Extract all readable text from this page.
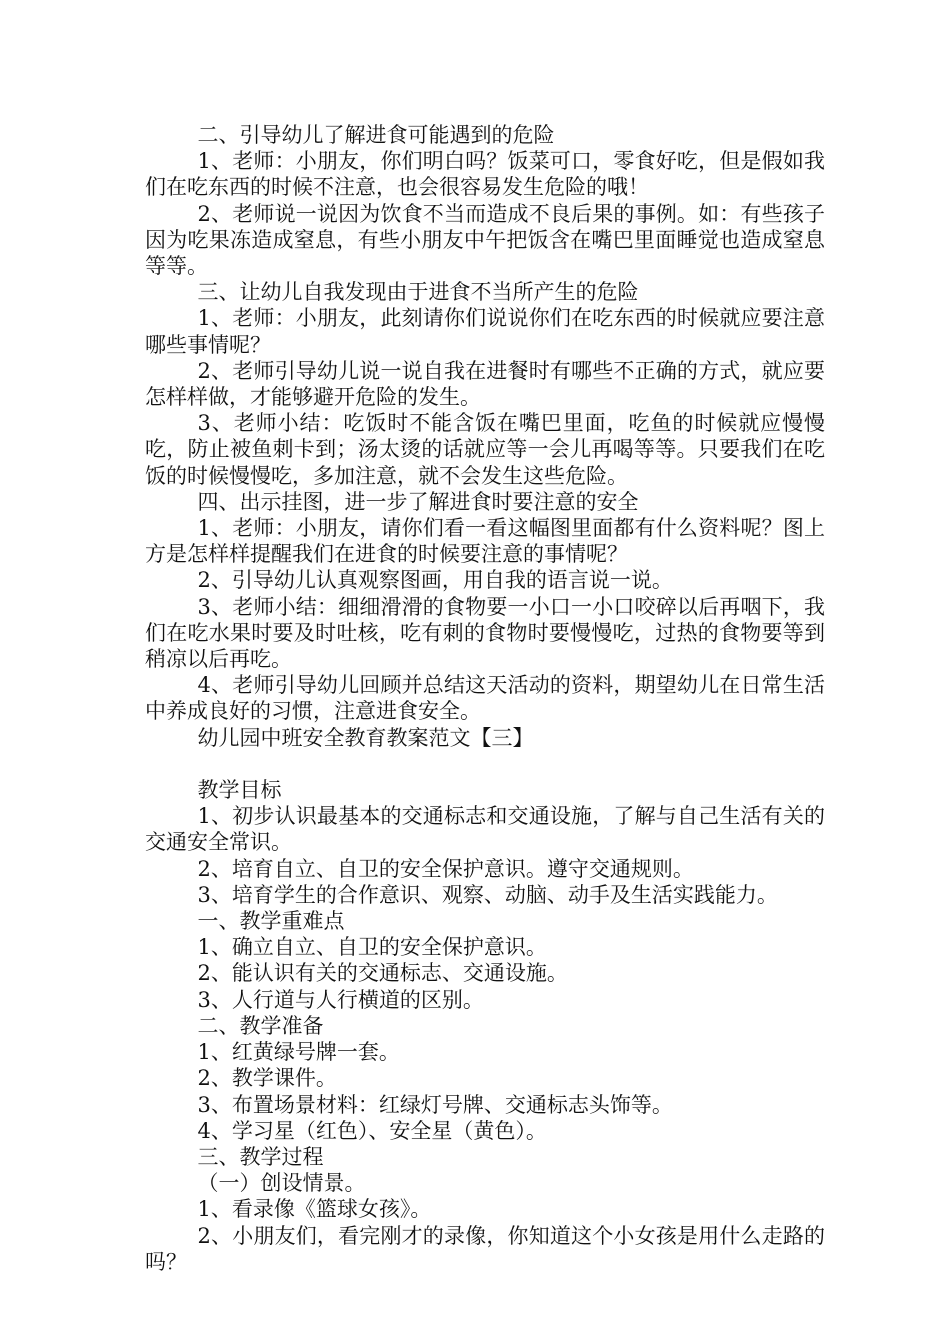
二、引导幼儿了解进食可能遇到的危险

1、老师：小朋友，你们明白吗？饭菜可口，零食好吃，但是假如我们在吃东西的时候不注意，也会很容易发生危险的哦！

2、老师说一说因为饮食不当而造成不良后果的事例。如：有些孩子因为吃果冻造成窒息，有些小朋友中午把饭含在嘴巴里面睡觉也造成窒息等等。

三、让幼儿自我发现由于进食不当所产生的危险

1、老师：小朋友，此刻请你们说说你们在吃东西的时候就应要注意哪些事情呢？

2、老师引导幼儿说一说自我在进餐时有哪些不正确的方式，就应要怎样样做，才能够避开危险的发生。

3、老师小结：吃饭时不能含饭在嘴巴里面，吃鱼的时候就应慢慢吃，防止被鱼刺卡到；汤太烫的话就应等一会儿再喝等等。只要我们在吃饭的时候慢慢吃，多加注意，就不会发生这些危险。

四、出示挂图，进一步了解进食时要注意的安全

1、老师：小朋友，请你们看一看这幅图里面都有什么资料呢？图上方是怎样样提醒我们在进食的时候要注意的事情呢？

2、引导幼儿认真观察图画，用自我的语言说一说。

3、老师小结：细细滑滑的食物要一小口一小口咬碎以后再咽下，我们在吃水果时要及时吐核，吃有刺的食物时要慢慢吃，过热的食物要等到稍凉以后再吃。

4、老师引导幼儿回顾并总结这天活动的资料，期望幼儿在日常生活中养成良好的习惯，注意进食安全。

幼儿园中班安全教育教案范文【三】

教学目标

1、初步认识最基本的交通标志和交通设施，了解与自己生活有关的交通安全常识。

2、培育自立、自卫的安全保护意识。遵守交通规则。

3、培育学生的合作意识、观察、动脑、动手及生活实践能力。

一、教学重难点

1、确立自立、自卫的安全保护意识。

2、能认识有关的交通标志、交通设施。

3、人行道与人行横道的区别。

二、教学准备

1、红黄绿号牌一套。

2、教学课件。

3、布置场景材料：红绿灯号牌、交通标志头饰等。

4、学习星（红色）、安全星（黄色）。

三、教学过程

（一）创设情景。

1、看录像《篮球女孩》。

2、小朋友们，看完刚才的录像，你知道这个小女孩是用什么走路的吗？
